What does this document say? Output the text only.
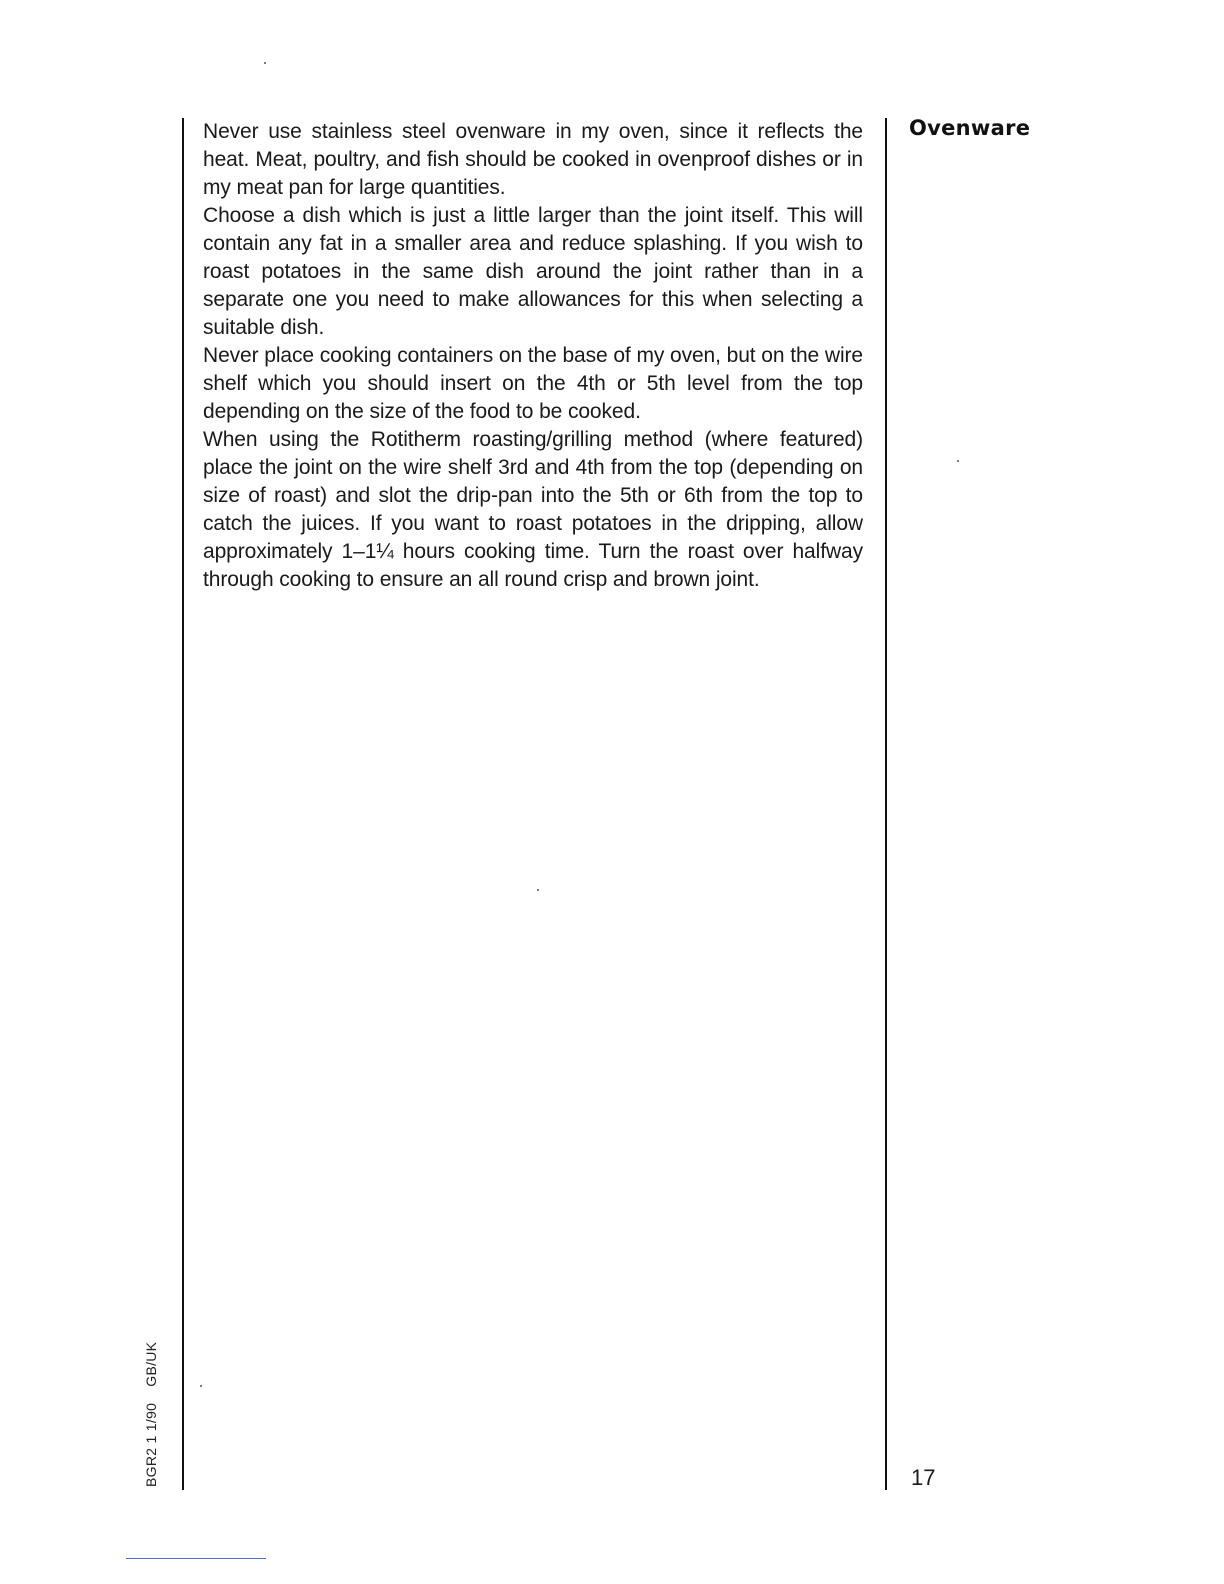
Never use stainless steel ovenware in my oven, since it reflects the heat. Meat, poultry, and fish should be cooked in ovenproof dishes or in my meat pan for large quantities.

Choose a dish which is just a little larger than the joint itself. This will contain any fat in a smaller area and reduce splashing. If you wish to roast potatoes in the same dish around the joint rather than in a separate one you need to make allowances for this when selecting a suitable dish.

Never place cooking containers on the base of my oven, but on the wire shelf which you should insert on the 4th or 5th level from the top depending on the size of the food to be cooked.

When using the Rotitherm roasting/grilling method (where featured) place the joint on the wire shelf 3rd and 4th from the top (depending on size of roast) and slot the drip-pan into the 5th or 6th from the top to catch the juices. If you want to roast potatoes in the dripping, allow approximately 1–1¼ hours cooking time. Turn the roast over halfway through cooking to ensure an all round crisp and brown joint.

Ovenware
17
BGR2 1 1/90GB/UK
